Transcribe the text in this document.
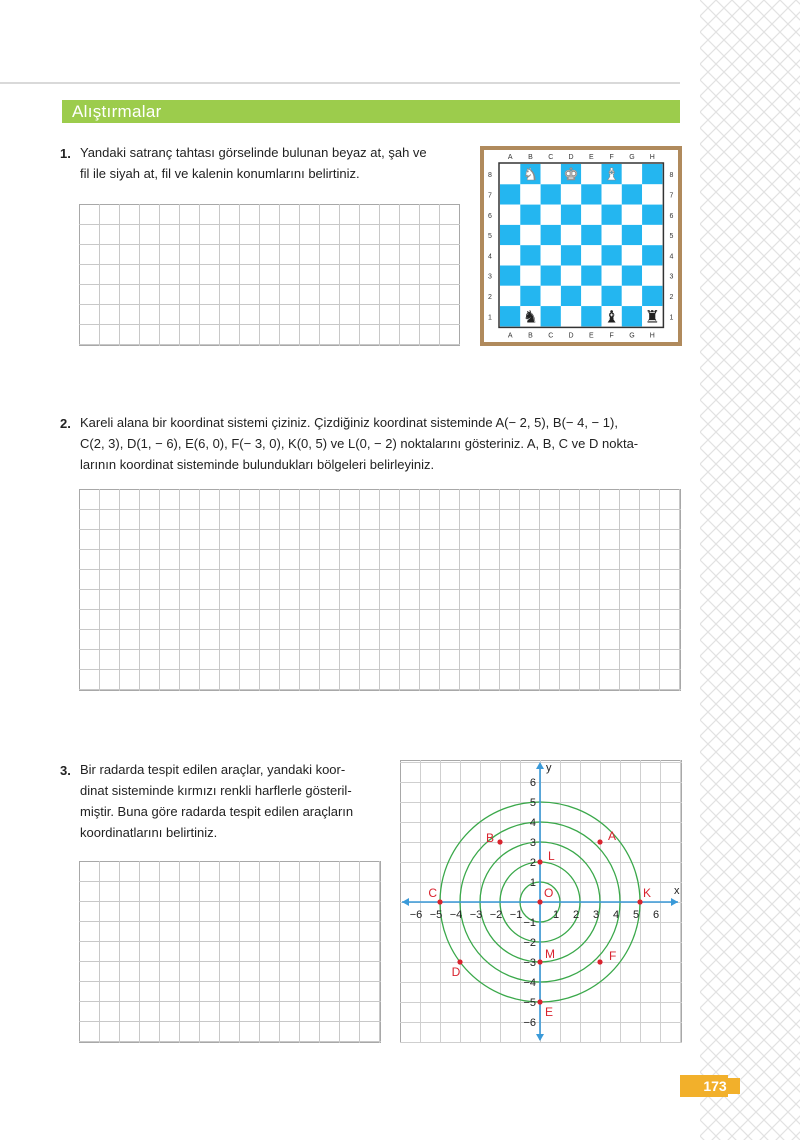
Alıştırmalar
1. Yandaki satranç tahtası görselinde bulunan beyaz at, şah ve
fil ile siyah at, fil ve kalenin konumlarını belirtiniz.
A
A
B
B
C
C
D
D
E
E
F
F
G
G
H
H
8	8
7	7
6	6
5	5
4	4
3	3
2	2
1	1
♞ ♚ ♝
♞	♝ ♜
2. Kareli alana bir koordinat sistemi çiziniz. Çizdiğiniz koordinat sisteminde A(− 2, 5), B(− 4, − 1),
C(2, 3), D(1, − 6), E(6, 0), F(− 3, 0), K(0, 5) ve L(0, − 2) noktalarını gösteriniz. A, B, C ve D nokta-
larının koordinat sisteminde bulundukları bölgeleri belirleyiniz.
3. Bir radarda tespit edilen araçlar, yandaki koor-
dinat sisteminde kırmızı renkli harflerle gösteril-
miştir. Buna göre radarda tespit edilen araçların
koordinatlarını belirtiniz.
x
y
−6 −5 −4 −3 −2 −1	1 2 3 4 5 6
6
5
4
3
2
1
−1
−2
−3
−4
−5
−6
A
B
L
C	K
M	F
D
E
O
173
